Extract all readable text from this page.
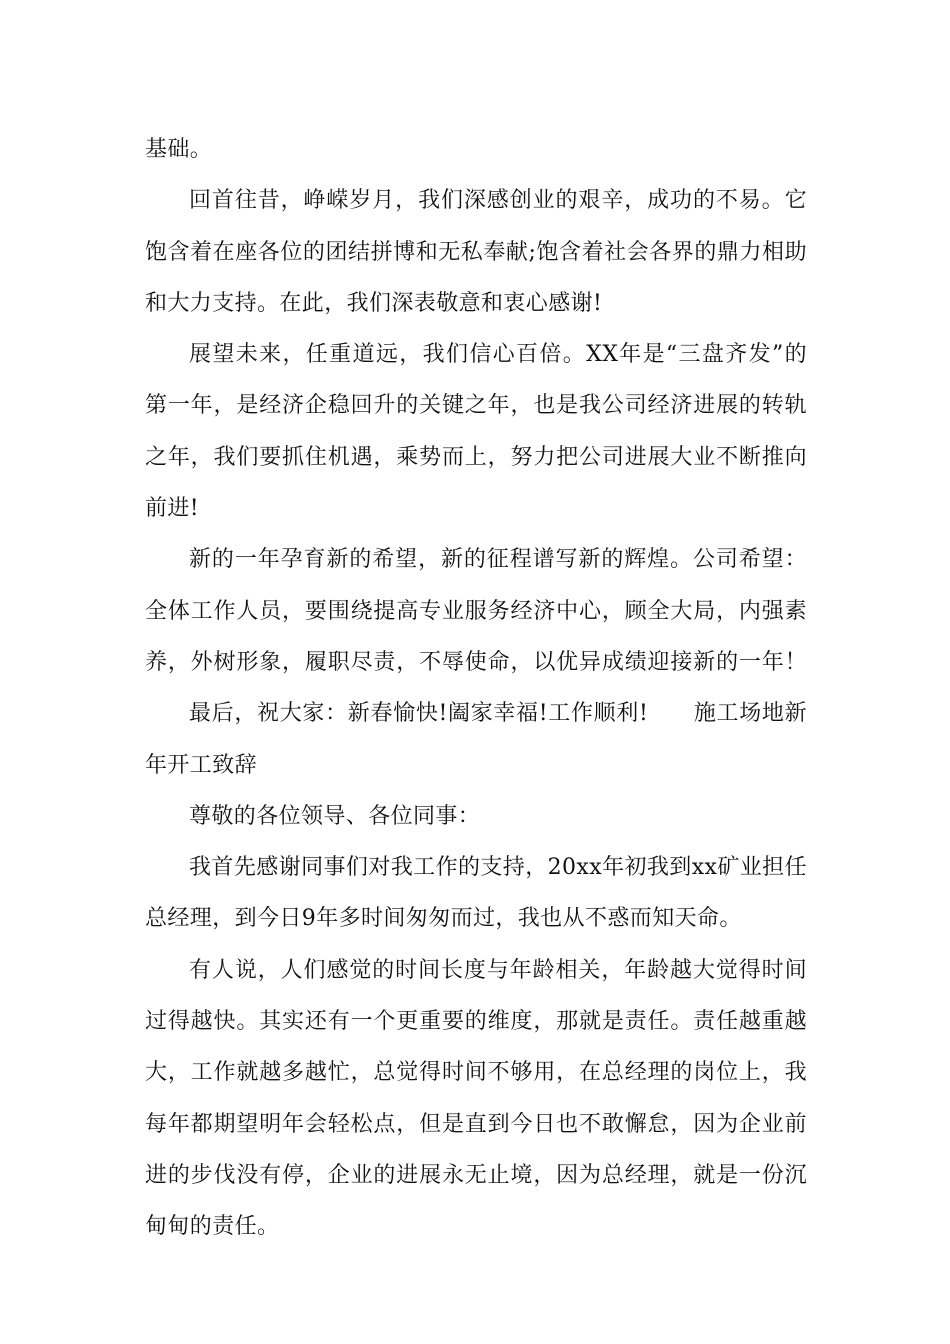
基础。
回首往昔，峥嵘岁月，我们深感创业的艰辛，成功的不易。它
饱含着在座各位的团结拼博和无私奉献;饱含着社会各界的鼎力相助
和大力支持。在此，我们深表敬意和衷心感谢!
展望未来，任重道远，我们信心百倍。XX年是“三盘齐发”的
第一年，是经济企稳回升的关键之年，也是我公司经济进展的转轨
之年，我们要抓住机遇，乘势而上，努力把公司进展大业不断推向
前进!
新的一年孕育新的希望，新的征程谱写新的辉煌。公司希望：
全体工作人员，要围绕提高专业服务经济中心，顾全大局，内强素
养，外树形象，履职尽责，不辱使命，以优异成绩迎接新的一年！
最后，祝大家：新春愉快!阖家幸福!工作顺利!　　施工场地新
年开工致辞
尊敬的各位领导、各位同事：
我首先感谢同事们对我工作的支持，20xx年初我到xx矿业担任
总经理，到今日9年多时间匆匆而过，我也从不惑而知天命。
有人说，人们感觉的时间长度与年龄相关，年龄越大觉得时间
过得越快。其实还有一个更重要的维度，那就是责任。责任越重越
大，工作就越多越忙，总觉得时间不够用，在总经理的岗位上，我
每年都期望明年会轻松点，但是直到今日也不敢懈怠，因为企业前
进的步伐没有停，企业的进展永无止境，因为总经理，就是一份沉
甸甸的责任。
